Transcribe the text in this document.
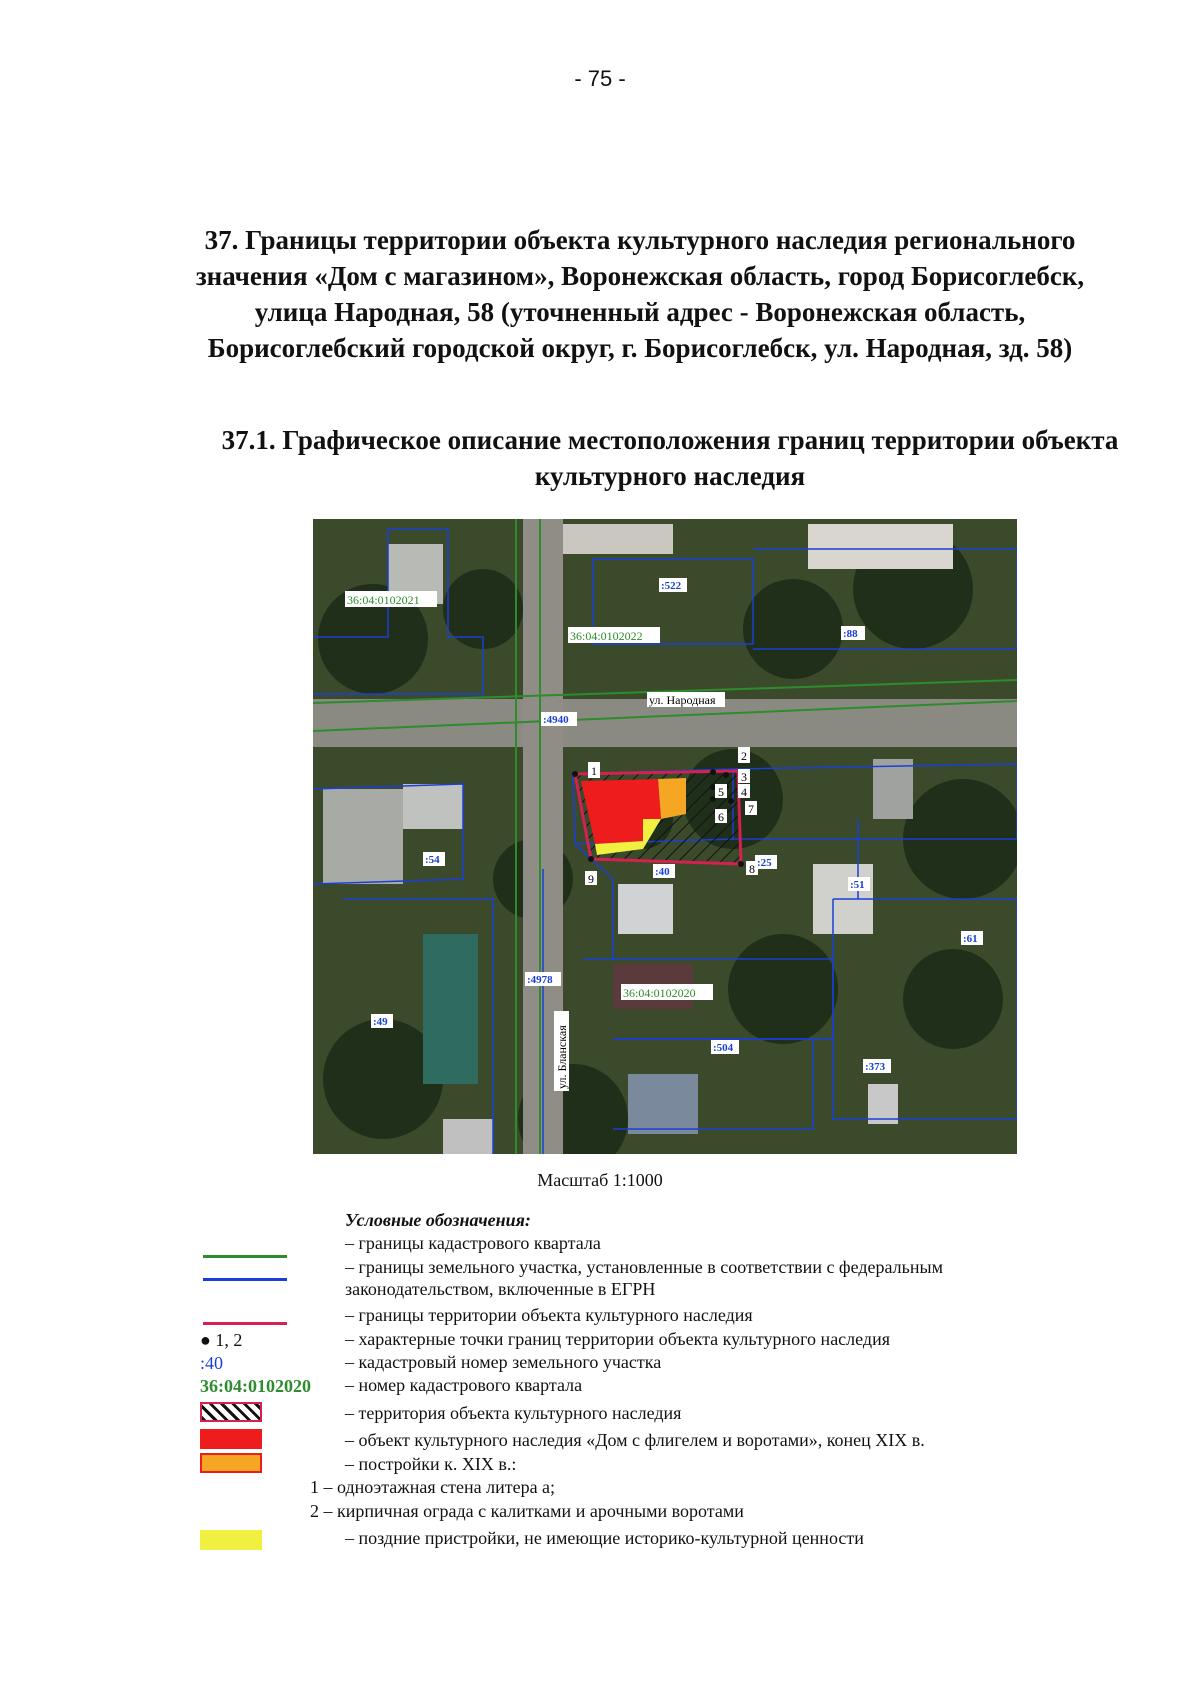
- 75 -
37. Границы территории объекта культурного наследия регионального значения «Дом с магазином», Воронежская область, город Борисоглебск, улица Народная, 58 (уточненный адрес - Воронежская область, Борисоглебский городской округ, г. Борисоглебск, ул. Народная, зд. 58)
37.1. Графическое описание местоположения границ территории объекта культурного наследия
1
2
3
4
5
6
7
8
9
36:04:0102021
36:04:0102022
36:04:0102020
:522
:88
:4940
:54
:40
:25
:51
:61
:4978
:49
:504
:373
ул. Народная
ул. Бланская
Масштаб 1:1000
Условные обозначения:
● 1, 2
:40
36:04:0102020
– границы кадастрового квартала
– границы земельного участка, установленные в соответствии с федеральным законодательством, включенные в ЕГРН
– границы территории объекта культурного наследия
– характерные точки границ территории объекта культурного наследия
– кадастровый номер земельного участка
– номер кадастрового квартала
– территория объекта культурного наследия
– объект культурного наследия «Дом с флигелем и воротами», конец XIX в.
– постройки к. XIX в.:
1 – одноэтажная стена литера а;
2 – кирпичная ограда с калитками и арочными воротами
– поздние пристройки, не имеющие историко-культурной ценности
